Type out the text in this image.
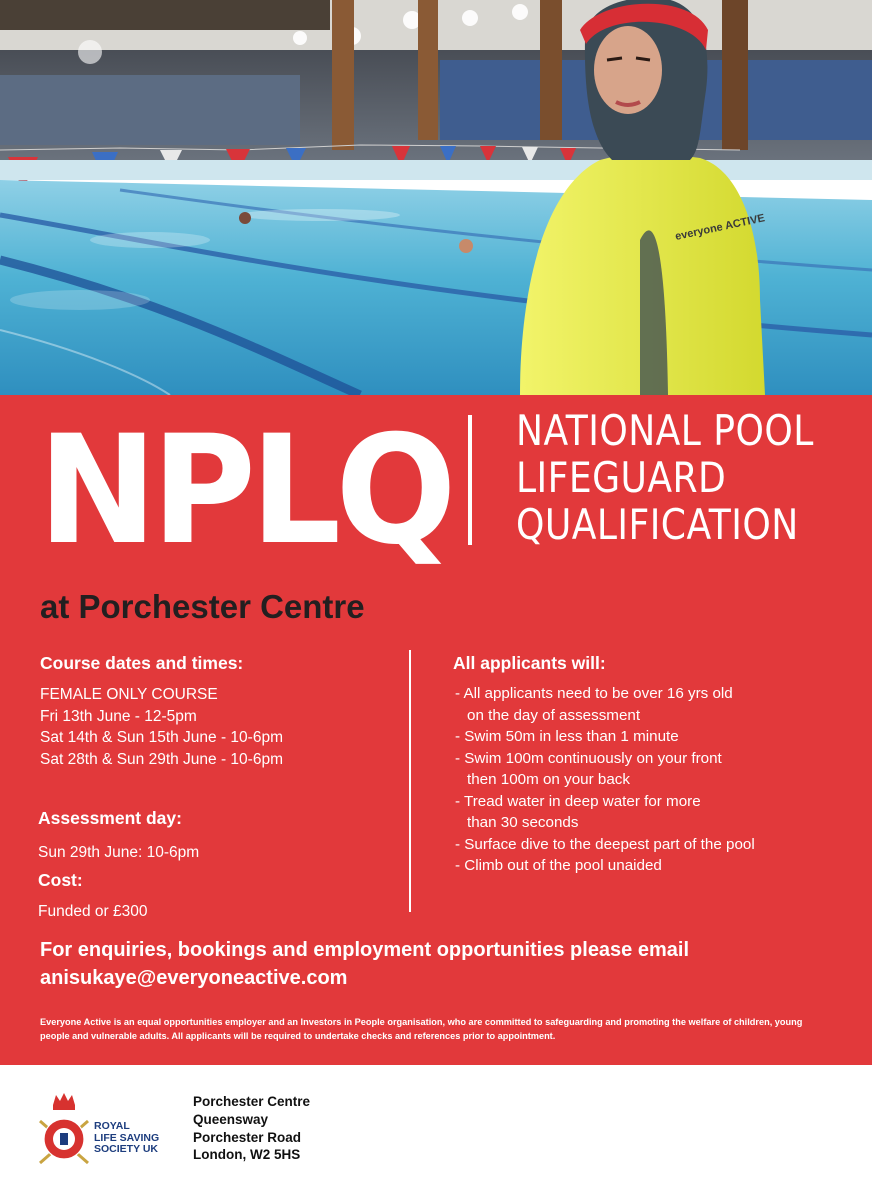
everyone ACTIVE
NPLQ NATIONAL POOL
LIFEGUARD
QUALIFICATION
at Porchester Centre
Course dates and times:
FEMALE ONLY COURSE
Fri 13th June - 12-5pm
Sat 14th & Sun 15th June - 10-6pm
Sat 28th & Sun 29th June - 10-6pm
Assessment day:
Sun 29th June: 10-6pm
Cost:
Funded or £300
All applicants will:
- All applicants need to be over 16 yrs old
on the day of assessment
- Swim 50m in less than 1 minute
- Swim 100m continuously on your front
then 100m on your back
- Tread water in deep water for more
than 30 seconds
- Surface dive to the deepest part of the pool
- Climb out of the pool unaided
For enquiries, bookings and employment opportunities please email
anisukaye@everyoneactive.com
Everyone Active is an equal opportunities employer and an Investors in People organisation, who are committed to safeguarding and promoting the welfare of children, young people and vulnerable adults. All applicants will be required to undertake checks and references prior to appointment.
ROYAL
LIFE SAVING
SOCIETY UK
Porchester Centre
Queensway
Porchester Road
London, W2 5HS
